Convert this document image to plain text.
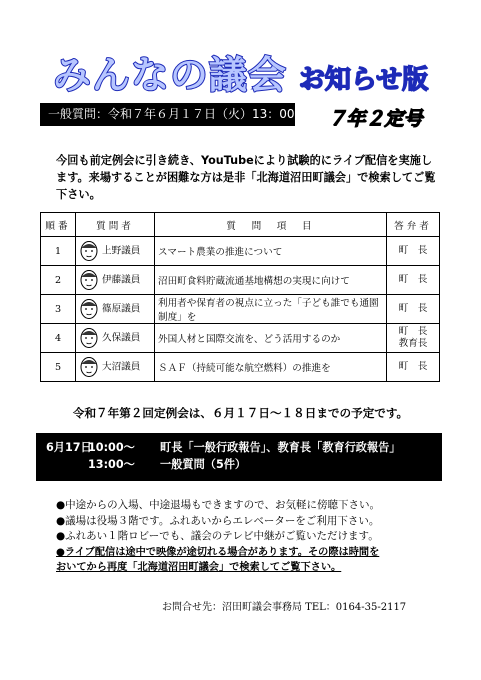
みんなの議会 お知らせ版
一般質問：令和７年６月１７日（火）13：00～	７年２定号
今回も前定例会に引き続き、YouTubeにより試験的にライブ配信を実施します。来場することが困難な方は是非「北海道沼田町議会」で検索してご覧下さい。
順番	質問者	質　問　項　目	答弁者
1	上野議員	スマート農業の推進について	町　長

2	伊藤議員	沼田町食料貯蔵流通基地構想の実現に向けて	町　長

3	篠原議員	利用者や保育者の視点に立った「子ども誰でも通園制度」を	町　長

4	久保議員	外国人材と国際交流を、どう活用するのか	町　長
教育長

5	大沼議員	ＳＡＦ（持続可能な航空燃料）の推進を	町　長
令和７年第２回定例会は、６月１７日～１８日までの予定です。
6月17日10:00～ 町長「一般行政報告」、教育長「教育行政報告」
13:00～ 一般質問（5件）
●中途からの入場、中途退場もできますので、お気軽に傍聴下さい。
●議場は役場３階です。ふれあいからエレベーターをご利用下さい。
●ふれあい１階ロビーでも、議会のテレビ中継がご覧いただけます。
●ライブ配信は途中で映像が途切れる場合があります。その際は時間を
おいてから再度「北海道沼田町議会」で検索してご覧下さい。
お問合せ先：沼田町議会事務局 TEL：0164-35-2117
